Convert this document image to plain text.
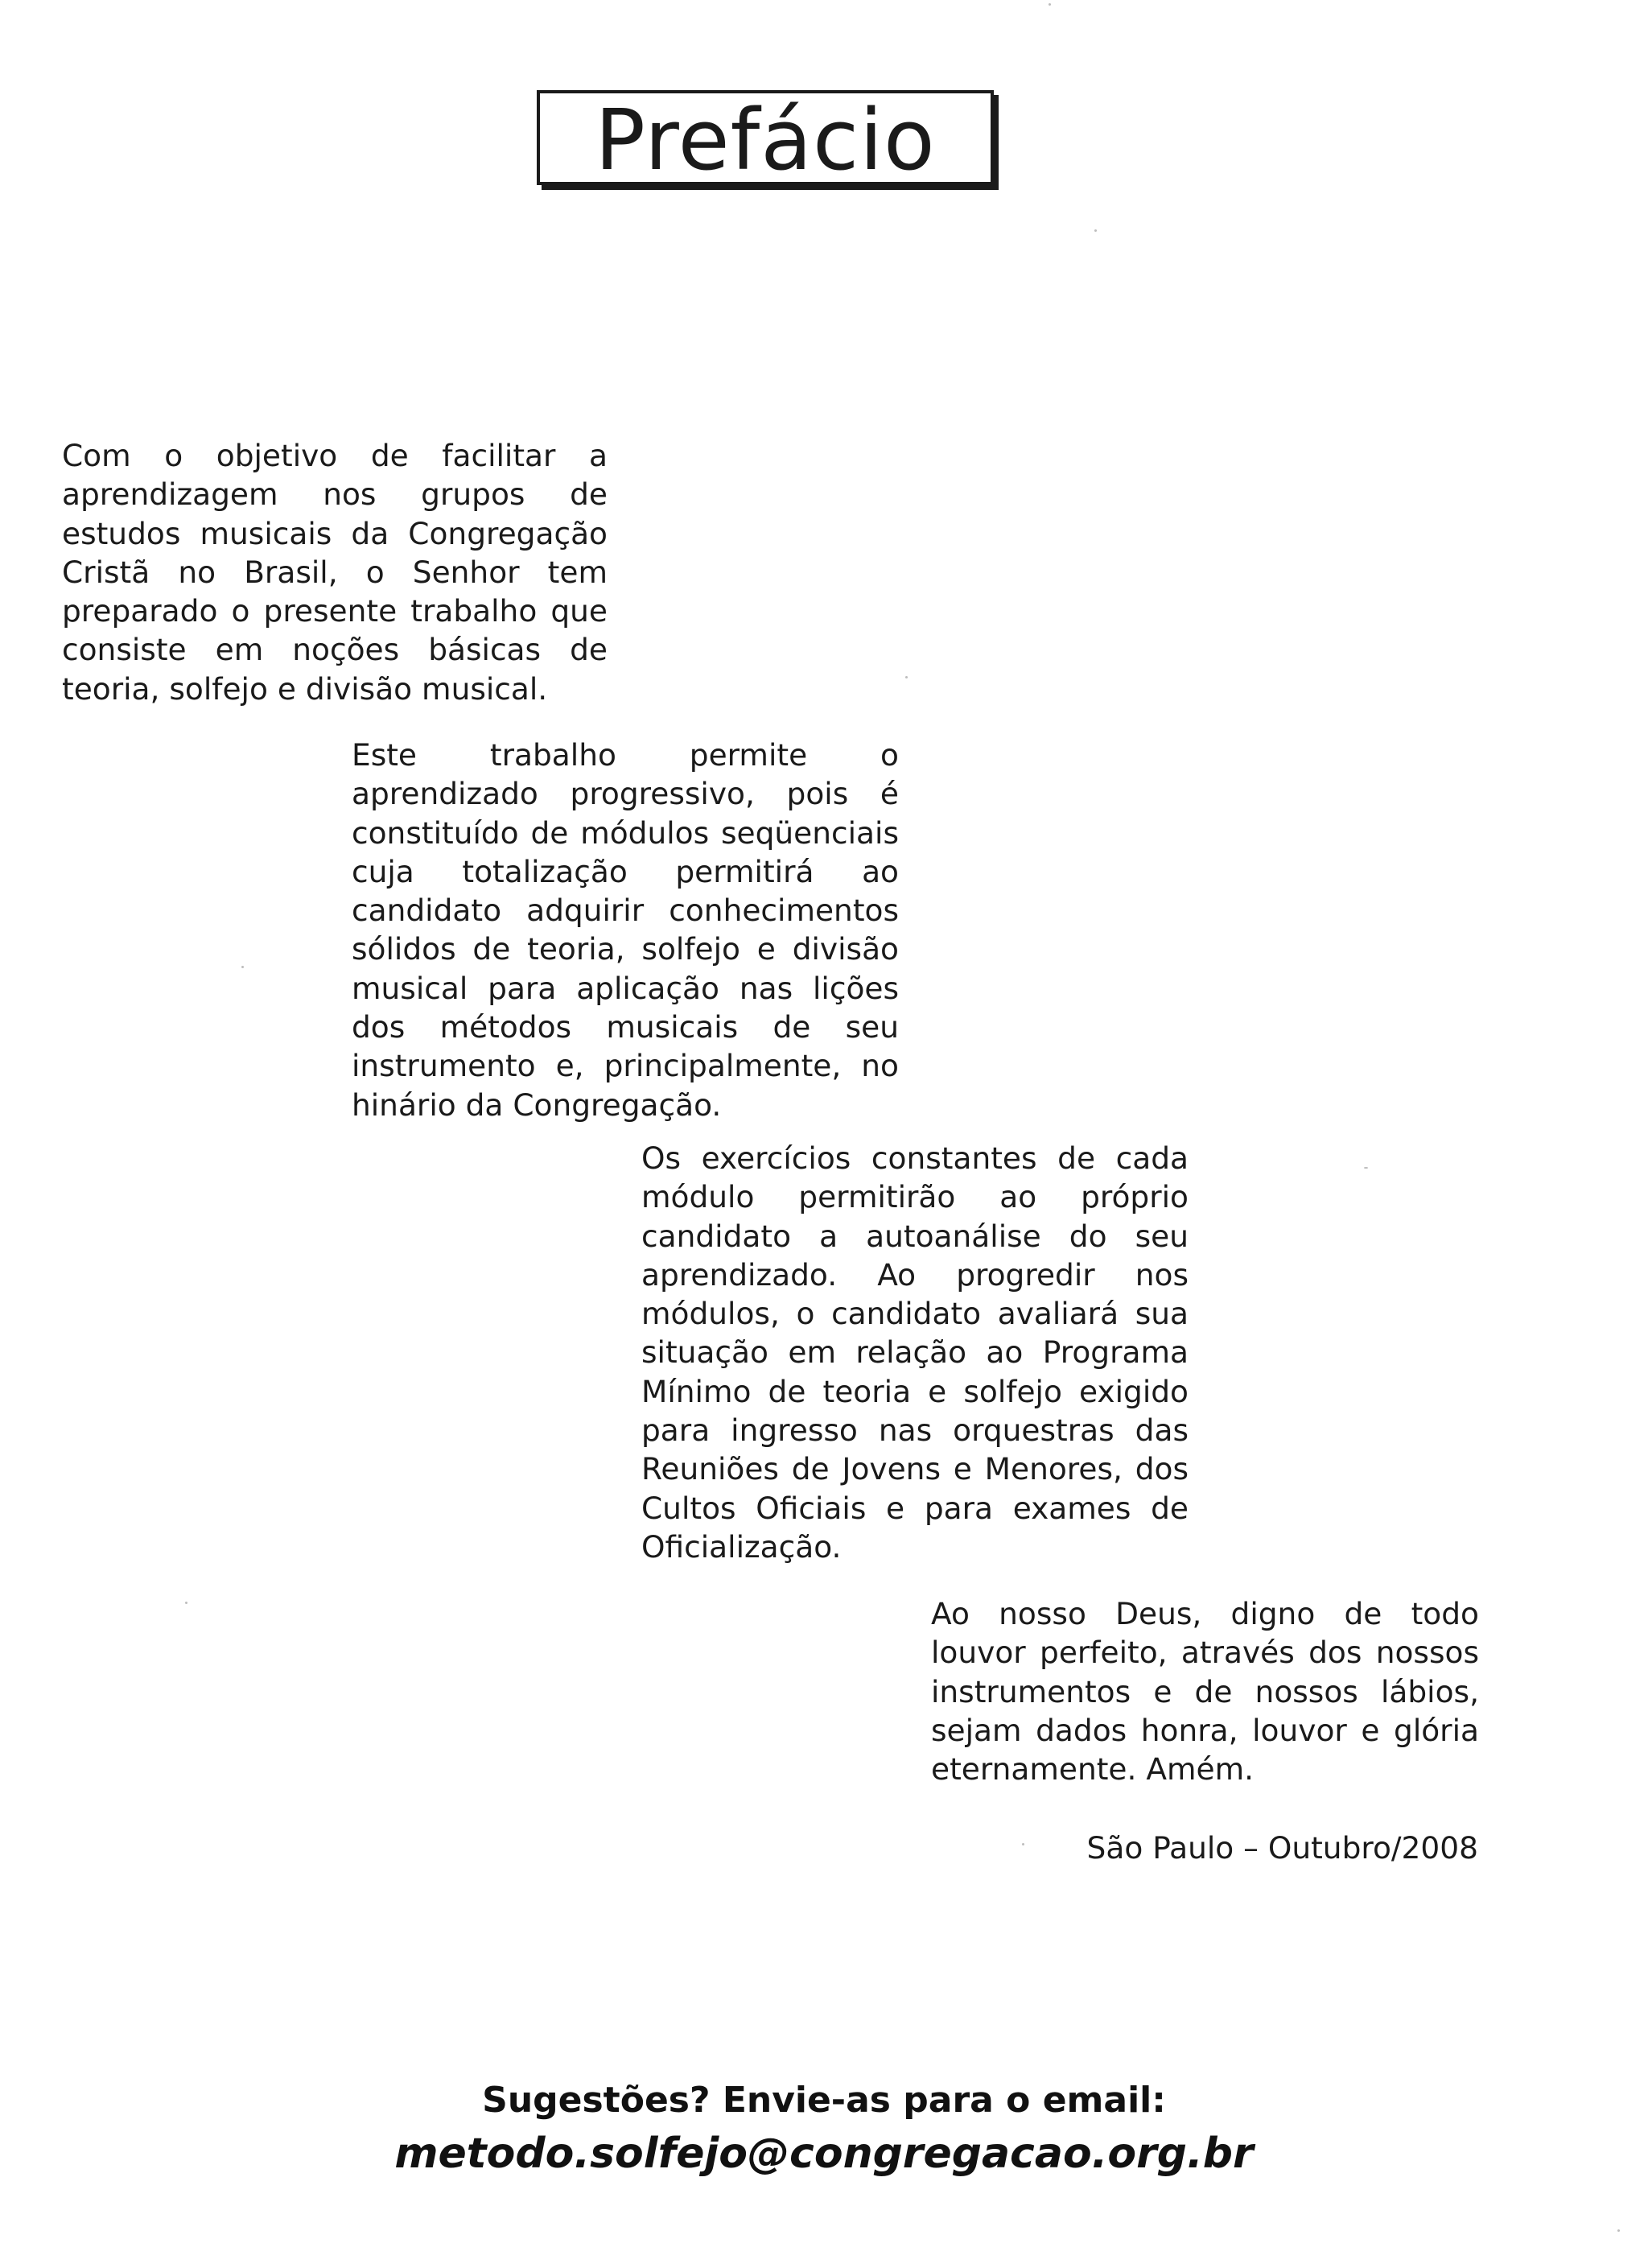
Prefácio

Com o objetivo de facilitar a aprendizagem nos grupos de estudos musicais da Congregação Cristã no Brasil, o Senhor tem preparado o presente trabalho que consiste em noções básicas de teoria, solfejo e divisão musical.

Este trabalho permite o aprendizado progressivo, pois é constituído de módulos seqüenciais cuja totalização permitirá ao candidato adquirir conhecimentos sólidos de teoria, solfejo e divisão musical para aplicação nas lições dos métodos musicais de seu instrumento e, principalmente, no hinário da Congregação.

Os exercícios constantes de cada módulo permitirão ao próprio candidato a autoanálise do seu aprendizado. Ao progredir nos módulos, o candidato avaliará sua situação em relação ao Programa Mínimo de teoria e solfejo exigido para ingresso nas orquestras das Reuniões de Jovens e Menores, dos Cultos Oficiais e para exames de Oficialização.

Ao nosso Deus, digno de todo louvor perfeito, através dos nossos instrumentos e de nossos lábios, sejam dados honra, louvor e glória eternamente. Amém.

São Paulo – Outubro/2008

Sugestões? Envie-as para o email:

metodo.solfejo@congregacao.org.br
